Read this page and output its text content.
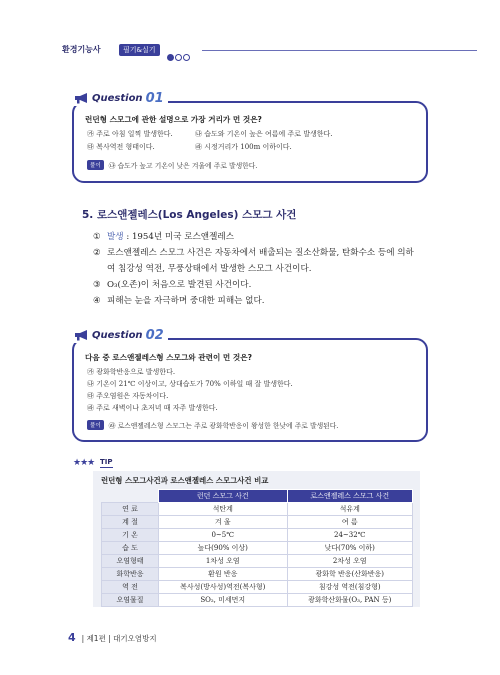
환경기능사	필기&실기
Question 01
런던형 스모그에 관한 설명으로 가장 거리가 먼 것은?
㉮ 주로 아침 일찍 발생한다.	㉯ 습도와 기온이 높은 여름에 주로 발생한다.
㉰ 복사역전 형태이다.	㉱ 시정거리가 100m 이하이다.
풀이	㉯ 습도가 높고 기온이 낮은 겨울에 주로 발생한다.
5. 로스앤젤레스(Los Angeles) 스모그 사건
① 발생 : 1954년 미국 로스앤젤레스
② 로스앤젤레스 스모그 사건은 자동차에서 배출되는 질소산화물, 탄화수소 등에 의하
여 침강성 역전, 무풍상태에서 발생한 스모그 사건이다.
③ O₃(오존)이 처음으로 발견된 사건이다.
④ 피해는 눈을 자극하며 중대한 피해는 없다.
Question 02
다음 중 로스앤젤레스형 스모그와 관련이 먼 것은?
㉮ 광화학반응으로 발생한다.
㉯ 기온이 21℃ 이상이고, 상대습도가 70% 이하일 때 잘 발생한다.
㉰ 주오염원은 자동차이다.
㉱ 주로 새벽이나 초저녁 때 자주 발생한다.
풀이	㉱ 로스앤젤레스형 스모그는 주로 광화학반응이 왕성한 한낮에 주로 발생된다.
★★★ TIP
런던형 스모그사건과 로스앤젤레스 스모그사건 비교
	런던 스모그 사건	로스앤젤레스 스모그 사건
연 료	석탄계	석유계
계 절	겨 울	여 름
기 온	0~5℃	24~32℃
습 도	높다(90% 이상)	낮다(70% 이하)
오염형태	1차성 오염	2차성 오염
화학반응	환원 반응	광화학 반응(산화반응)
역 전	복사성(방사성)역전(복사형)	침강성 역전(침강형)
오염물질	SO₂, 미세먼지	광화학산화물(O₃, PAN 등)
4 | 제1편 | 대기오염방지
